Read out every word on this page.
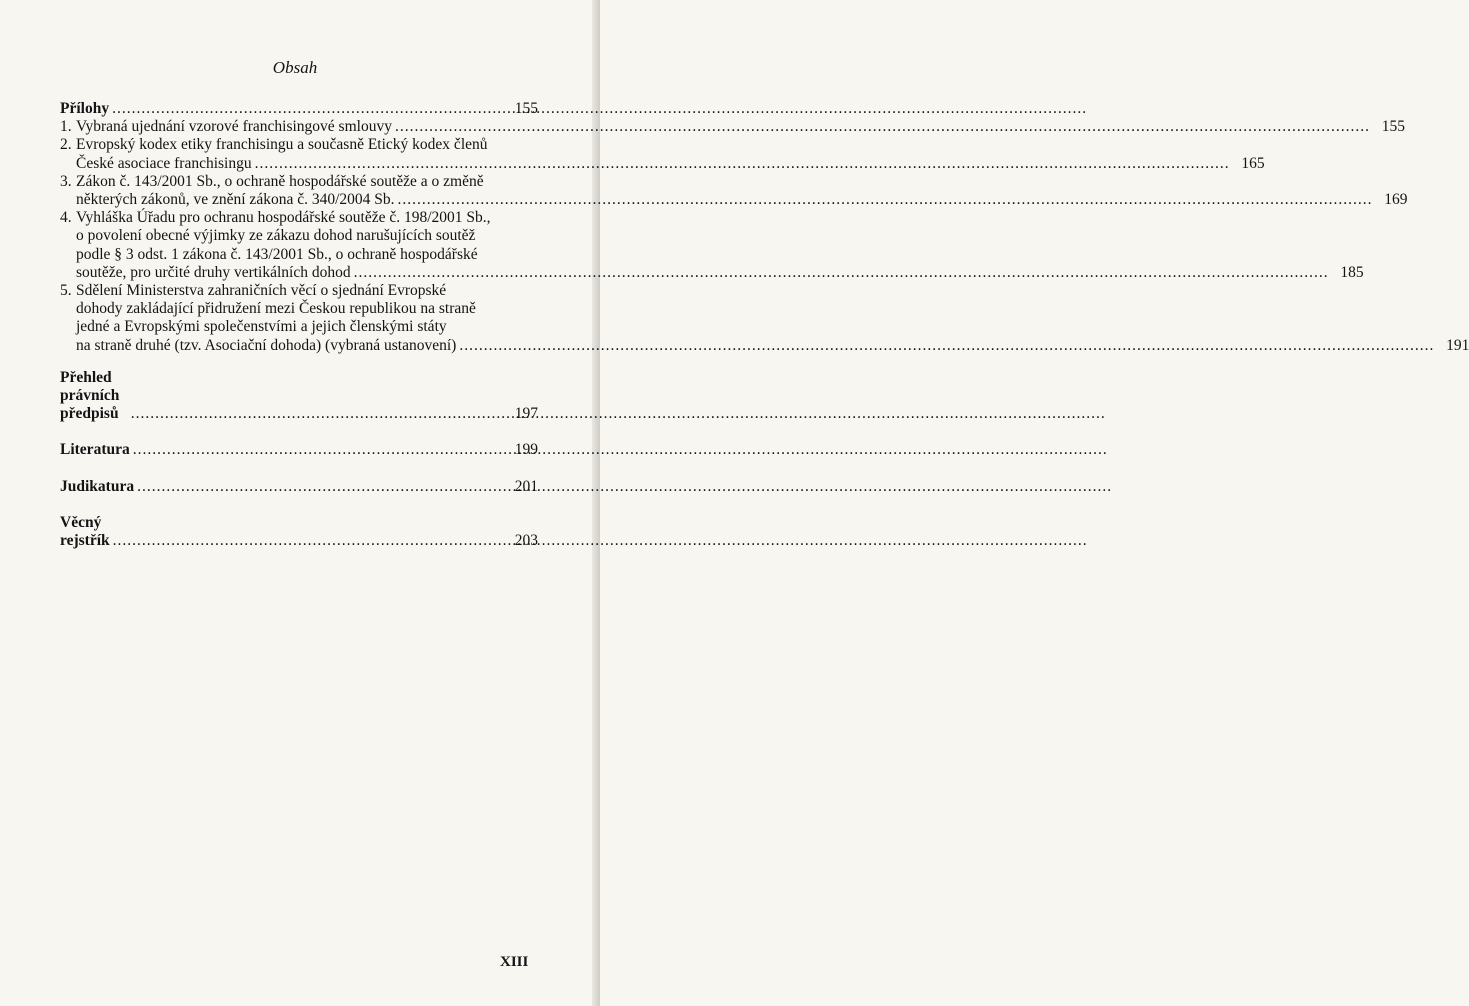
Obsah
Přílohy .....	155
1. Vybraná ujednání vzorové franchisingové smlouvy .....	155
2. Evropský kodex etiky franchisingu a současně Etický kodex členů
České asociace franchisingu .....	165
3. Zákon č. 143/2001 Sb., o ochraně hospodářské soutěže a o změně
některých zákonů, ve znění zákona č. 340/2004 Sb. .....	169
4. Vyhláška Úřadu pro ochranu hospodářské soutěže č. 198/2001 Sb.,
o povolení obecné výjimky ze zákazu dohod narušujících soutěž
podle § 3 odst. 1 zákona č. 143/2001 Sb., o ochraně hospodářské
soutěže, pro určité druhy vertikálních dohod .....	185
5. Sdělení Ministerstva zahraničních věcí o sjednání Evropské
dohody zakládající přidružení mezi Českou republikou na straně
jedné a Evropskými společenstvími a jejich členskými státy
na straně druhé (tzv. Asociační dohoda) (vybraná ustanovení) .....	191
Přehled právních předpisů .....	197
Literatura .....	199
Judikatura .....	201
Věcný rejstřík .....	203
XIII
